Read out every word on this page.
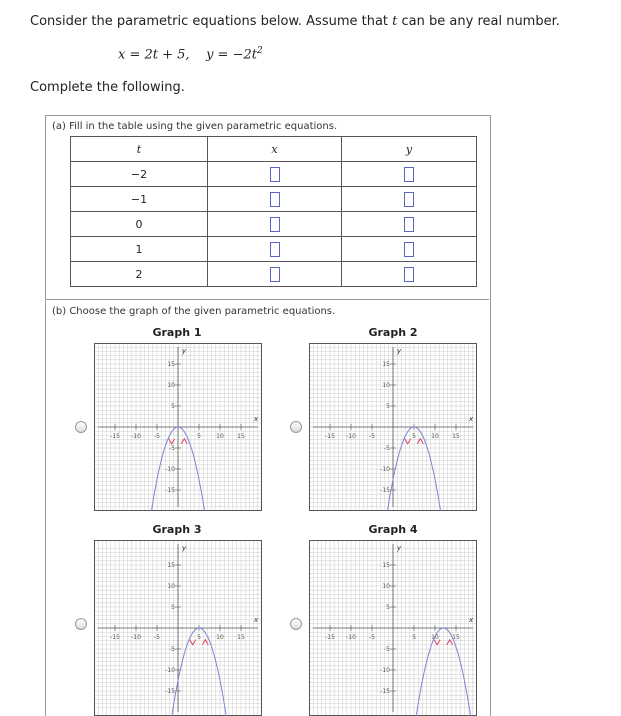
Consider the parametric equations below. Assume that t can be any real number.
x = 2t + 5, $y = -2t^2$
Complete the following.
(a) Fill in the table using the given parametric equations.
t	x	y
−2		
−1		
0		
1		
2		
(b) Choose the graph of the given parametric equations.
Graph 1	Graph 2
Graph 3	Graph 4
-15 -10 -5	5	10 15
15
10
5
-5
-10
-15
x
y
-15 -10 -5	5	10 15
15
10
5
-5
-10
-15
x
y
-15 -10 -5	5	10 15
15
10
5
-5
-10
-15
x
y
-15 -10 -5	5	10 15
15
10
5
-5
-10
-15
x
y
